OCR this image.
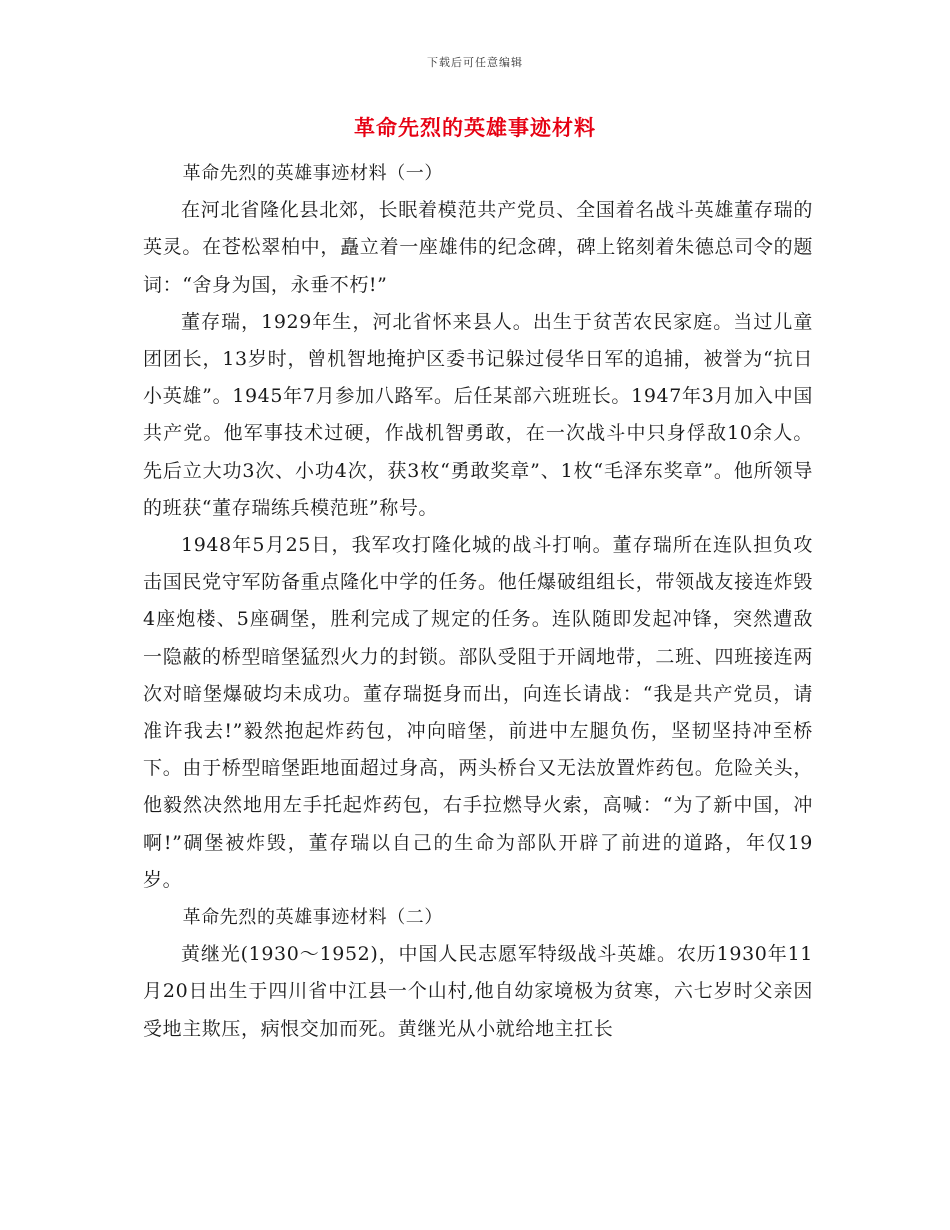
下载后可任意编辑
革命先烈的英雄事迹材料

革命先烈的英雄事迹材料（一）

在河北省隆化县北郊，长眠着模范共产党员、全国着名战斗英雄董存瑞的英灵。在苍松翠柏中，矗立着一座雄伟的纪念碑，碑上铭刻着朱德总司令的题词：“舍身为国，永垂不朽!”

董存瑞，1929年生，河北省怀来县人。出生于贫苦农民家庭。当过儿童团团长，13岁时，曾机智地掩护区委书记躲过侵华日军的追捕，被誉为“抗日小英雄”。1945年7月参加八路军。后任某部六班班长。1947年3月加入中国共产党。他军事技术过硬，作战机智勇敢，在一次战斗中只身俘敌10余人。先后立大功3次、小功4次，获3枚“勇敢奖章”、1枚“毛泽东奖章”。他所领导的班获“董存瑞练兵模范班”称号。

1948年5月25日，我军攻打隆化城的战斗打响。董存瑞所在连队担负攻击国民党守军防备重点隆化中学的任务。他任爆破组组长，带领战友接连炸毁4座炮楼、5座碉堡，胜利完成了规定的任务。连队随即发起冲锋，突然遭敌一隐蔽的桥型暗堡猛烈火力的封锁。部队受阻于开阔地带，二班、四班接连两次对暗堡爆破均未成功。董存瑞挺身而出，向连长请战：“我是共产党员，请准许我去!”毅然抱起炸药包，冲向暗堡，前进中左腿负伤，坚韧坚持冲至桥下。由于桥型暗堡距地面超过身高，两头桥台又无法放置炸药包。危险关头，他毅然决然地用左手托起炸药包，右手拉燃导火索，高喊：“为了新中国，冲啊!”碉堡被炸毁，董存瑞以自己的生命为部队开辟了前进的道路，年仅19岁。

革命先烈的英雄事迹材料（二）

黄继光(1930～1952)，中国人民志愿军特级战斗英雄。农历1930年11月20日出生于四川省中江县一个山村,他自幼家境极为贫寒，六七岁时父亲因受地主欺压，病恨交加而死。黄继光从小就给地主扛长
